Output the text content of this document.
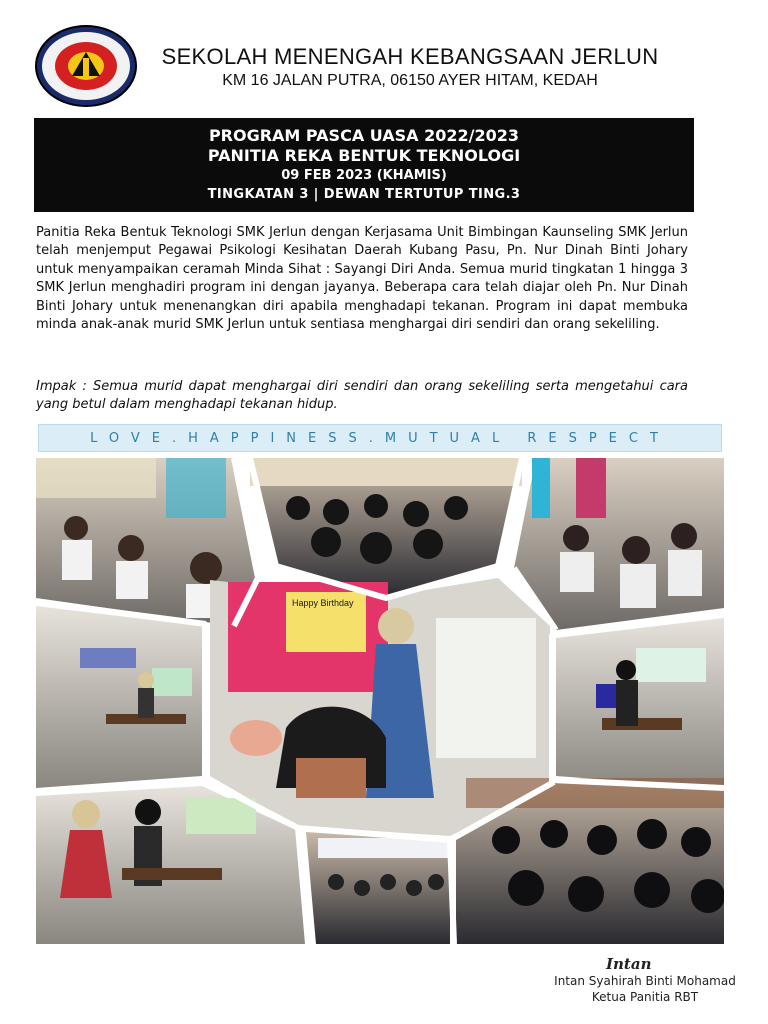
KURIKULUM
SEKOLAH MENENGAH KEBANGSAAN JERLUN
KM 16 JALAN PUTRA, 06150 AYER HITAM, KEDAH
PROGRAM PASCA UASA 2022/2023
PANITIA REKA BENTUK TEKNOLOGI
09 FEB 2023 (KHAMIS)
TINGKATAN 3 | DEWAN TERTUTUP TING.3
Panitia Reka Bentuk Teknologi SMK Jerlun dengan Kerjasama Unit Bimbingan Kaunseling SMK Jerlun telah menjemput Pegawai Psikologi Kesihatan Daerah Kubang Pasu, Pn. Nur Dinah Binti Johary untuk menyampaikan ceramah Minda Sihat : Sayangi Diri Anda. Semua murid tingkatan 1 hingga 3 SMK Jerlun menghadiri program ini dengan jayanya. Beberapa cara telah diajar oleh Pn. Nur Dinah Binti Johary untuk menenangkan diri apabila menghadapi tekanan. Program ini dapat membuka minda anak-anak murid SMK Jerlun untuk sentiasa menghargai diri sendiri dan orang sekeliling.
Impak : Semua murid dapat menghargai diri sendiri dan orang sekeliling serta mengetahui cara yang betul dalam menghadapi tekanan hidup.
LOVE.HAPPINESS.MUTUAL RESPECT
Happy Birthday
Intan
Intan Syahirah Binti Mohamad
Ketua Panitia RBT
